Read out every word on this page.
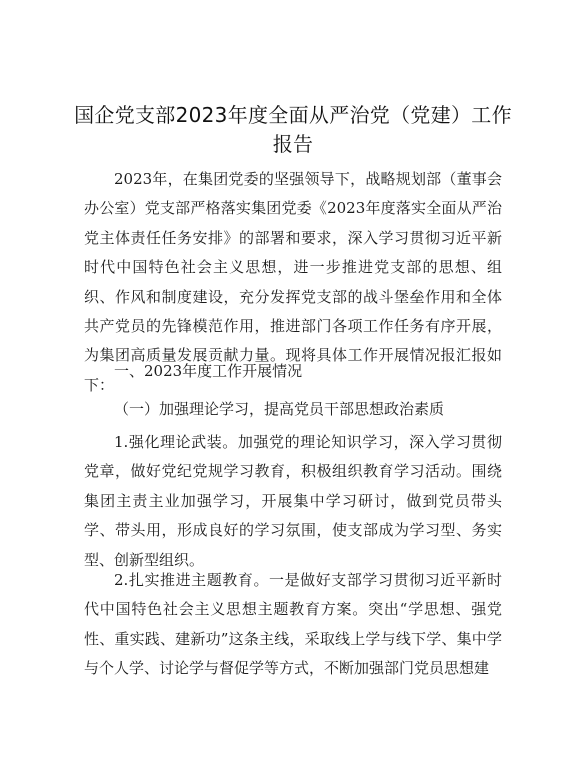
国企党支部2023年度全面从严治党（党建）工作报告

2023年，在集团党委的坚强领导下，战略规划部（董事会办公室）党支部严格落实集团党委《2023年度落实全面从严治党主体责任任务安排》的部署和要求，深入学习贯彻习近平新时代中国特色社会主义思想，进一步推进党支部的思想、组织、作风和制度建设，充分发挥党支部的战斗堡垒作用和全体共产党员的先锋模范作用，推进部门各项工作任务有序开展，为集团高质量发展贡献力量。现将具体工作开展情况报汇报如下：

一、2023年度工作开展情况

（一）加强理论学习，提高党员干部思想政治素质

1.强化理论武装。加强党的理论知识学习，深入学习贯彻党章，做好党纪党规学习教育，积极组织教育学习活动。围绕集团主责主业加强学习，开展集中学习研讨，做到党员带头学、带头用，形成良好的学习氛围，使支部成为学习型、务实型、创新型组织。

2.扎实推进主题教育。一是做好支部学习贯彻习近平新时代中国特色社会主义思想主题教育方案。突出“学思想、强党性、重实践、建新功”这条主线，采取线上学与线下学、集中学与个人学、讨论学与督促学等方式，不断加强部门党员思想建
